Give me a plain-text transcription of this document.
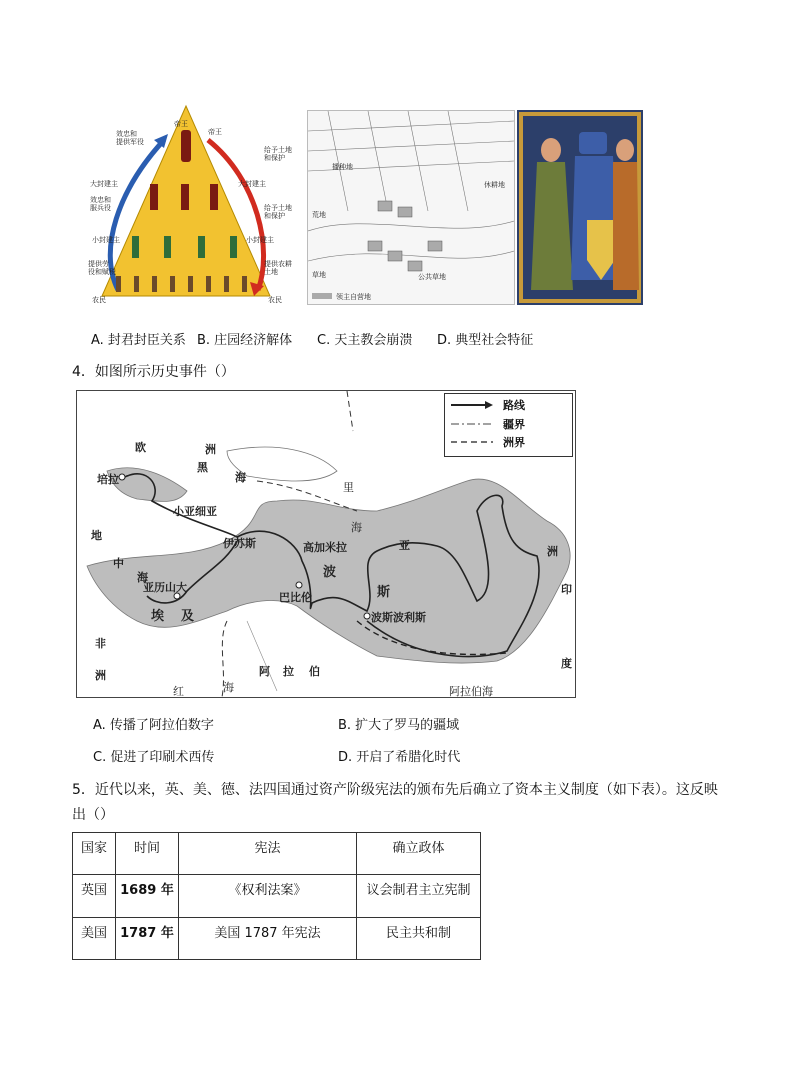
效忠和
提供军役
大封建主
效忠和
服兵役
小封建主
提供劳
役和赋税
农民
帝王
帝王
给予土地
和保护
大封建主
给予土地
和保护
小封建主
提供农耕
土地
农民
播种地
休耕地
荒地
公共草地
草地
领主自营地
A. 封君封臣关系 B. 庄园经济解体 C. 天主教会崩溃 D. 典型社会特征
4．如图所示历史事件（）
路线
疆界
洲界
欧	洲
黑
海
培拉
小亚细亚
伊苏斯	高加米拉
巴比伦
波斯波利斯
波
斯
亚	洲
亚历山大
埃 及
地
中
海
非
洲	阿 拉 伯
印
度
阿拉伯海
红	海
里
海
A. 传播了阿拉伯数字	B. 扩大了罗马的疆域
C. 促进了印刷术西传	D. 开启了希腊化时代
5．近代以来，英、美、德、法四国通过资产阶级宪法的颁布先后确立了资本主义制度（如下表）。这反映
出（）
国家	时间	宪法	确立政体
英国	1689 年	《权利法案》	议会制君主立宪制
美国	1787 年	美国 1787 年宪法	民主共和制
